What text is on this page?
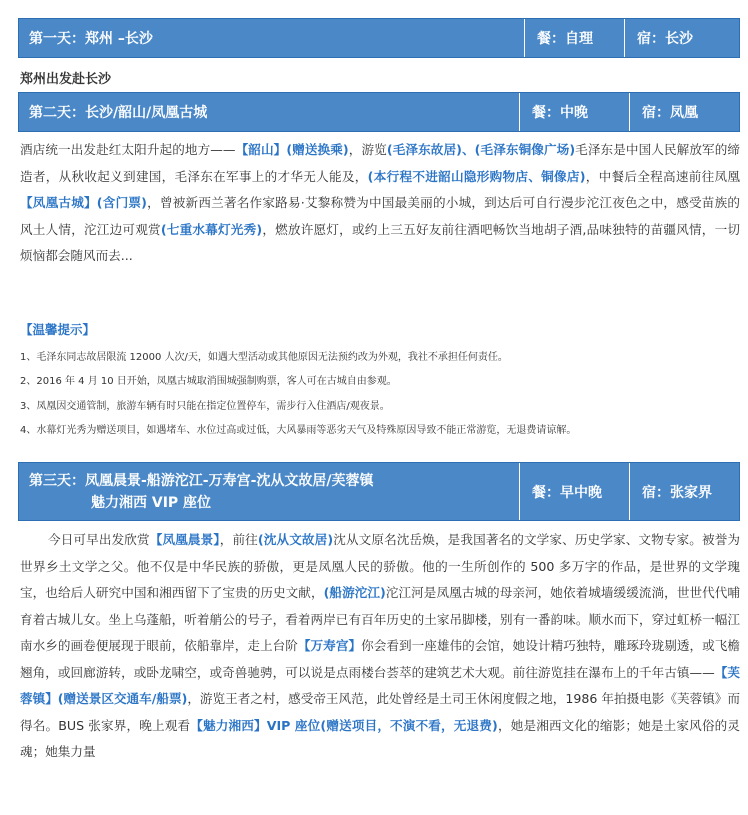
第一天：郑州 –长沙	餐：自理	宿：长沙
郑州出发赴长沙
第二天：长沙/韶山/凤凰古城	餐：中晚	宿：凤凰

酒店统一出发赴红太阳升起的地方——【韶山】(赠送换乘)，游览(毛泽东故居)、(毛泽东铜像广场)毛泽东是中国人民解放军的缔造者，从秋收起义到建国，毛泽东在军事上的才华无人能及，(本行程不进韶山隐形购物店、铜像店)，中餐后全程高速前往凤凰【凤凰古城】(含门票)，曾被新西兰著名作家路易·艾黎称赞为中国最美丽的小城，到达后可自行漫步沱江夜色之中，感受苗族的风土人情，沱江边可观赏(七重水幕灯光秀)，燃放许愿灯，或约上三五好友前往酒吧畅饮当地胡子酒,品味独特的苗疆风情，一切烦恼都会随风而去...

【温馨提示】
1、毛泽东同志故居限流 12000 人次/天，如遇大型活动或其他原因无法预约改为外观，我社不承担任何责任。
2、2016 年 4 月 10 日开始，凤凰古城取消围城强制购票，客人可在古城自由参观。
3、凤凰因交通管制，旅游车辆有时只能在指定位置停车，需步行入住酒店/观夜景。
4、水幕灯光秀为赠送项目，如遇堵车、水位过高或过低，大风暴雨等恶劣天气及特殊原因导致不能正常游览，无退费请谅解。
第三天：凤凰晨景-船游沱江-万寿宫-沈从文故居/芙蓉镇
魅力湘西 VIP 座位
餐：早中晚	宿：张家界

今日可早出发欣赏【凤凰晨景】，前往(沈从文故居)沈从文原名沈岳焕，是我国著名的文学家、历史学家、文物专家。被誉为世界乡土文学之父。他不仅是中华民族的骄傲，更是凤凰人民的骄傲。他的一生所创作的 500 多万字的作品，是世界的文学瑰宝，也给后人研究中国和湘西留下了宝贵的历史文献，(船游沱江)沱江河是凤凰古城的母亲河，她依着城墙缓缓流淌，世世代代哺育着古城儿女。坐上乌蓬船，听着艄公的号子，看着两岸已有百年历史的土家吊脚楼，别有一番韵味。顺水而下，穿过虹桥一幅江南水乡的画卷便展现于眼前，依船靠岸，走上台阶【万寿宫】你会看到一座雄伟的会馆，她设计精巧独特，雕琢玲珑剔透，或飞檐翘角，或回廊游转，或卧龙啸空，或奇兽驰骋，可以说是点雨楼台荟萃的建筑艺术大观。前往游览挂在瀑布上的千年古镇——【芙蓉镇】(赠送景区交通车/船票)，游览王者之村，感受帝王风范，此处曾经是土司王休闲度假之地，1986 年拍摄电影《芙蓉镇》而得名。BUS 张家界，晚上观看【魅力湘西】VIP 座位(赠送项目，不演不看，无退费)，她是湘西文化的缩影；她是土家风俗的灵魂；她集力量
